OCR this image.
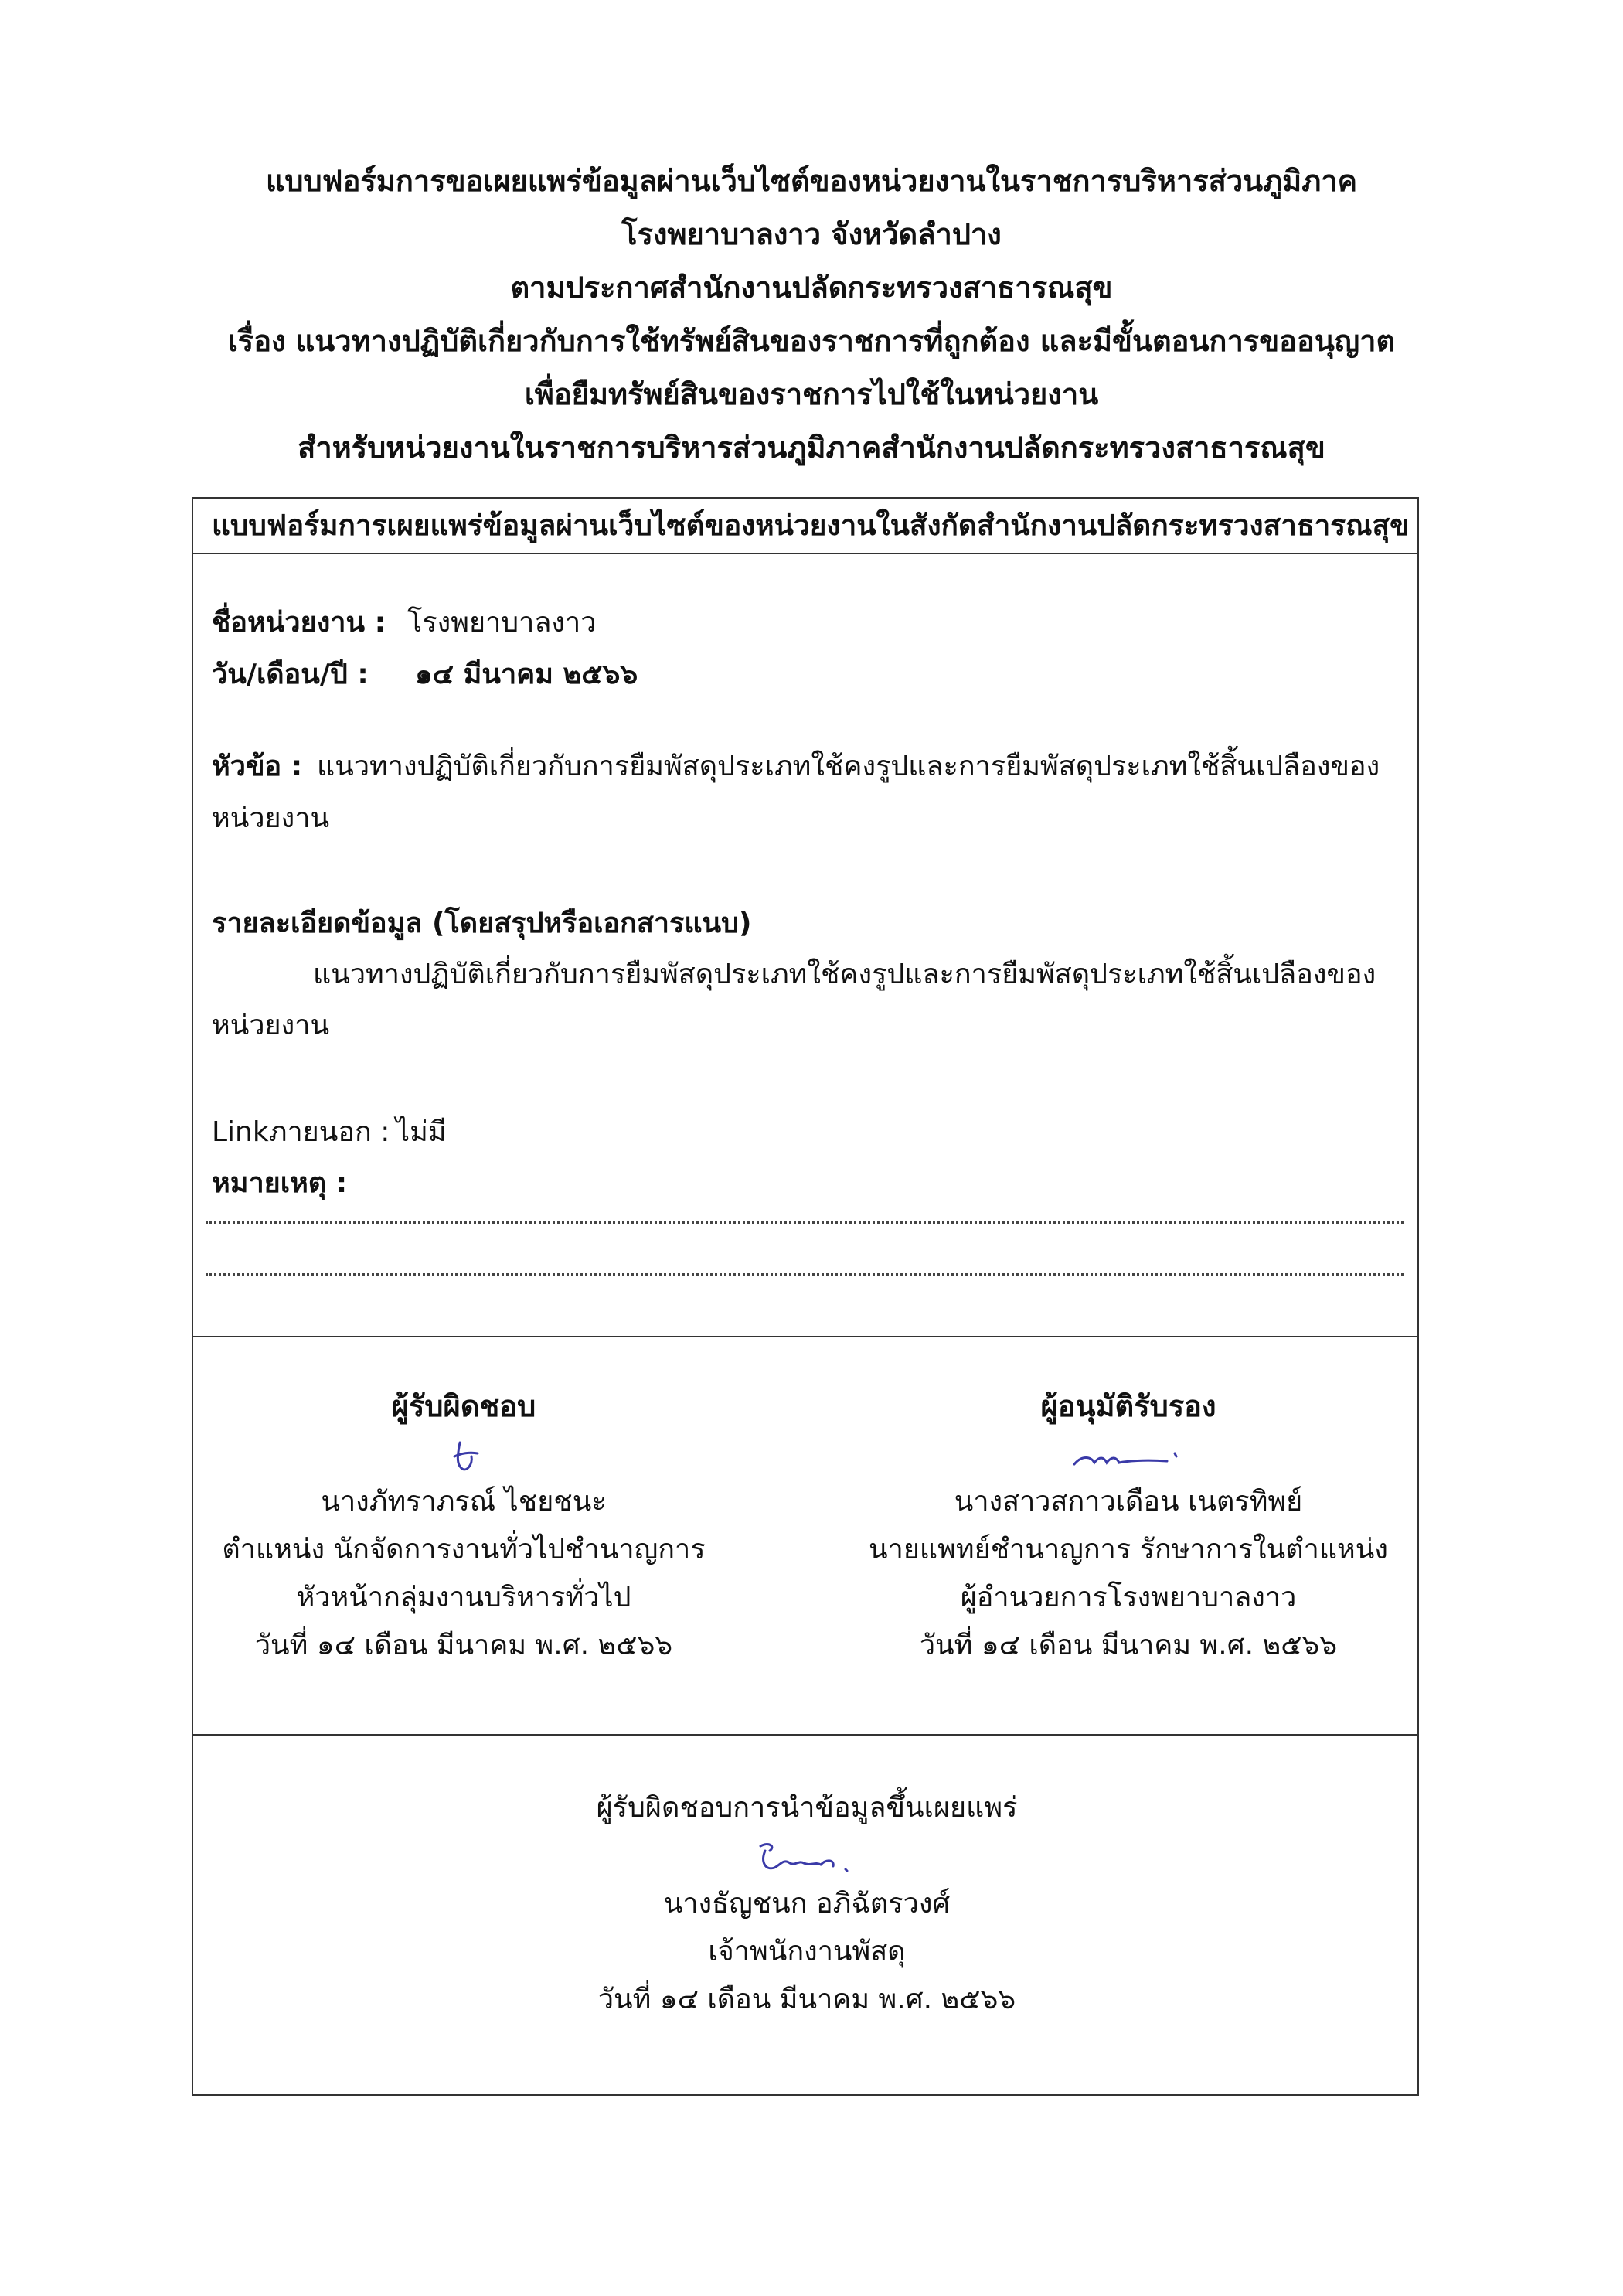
แบบฟอร์มการขอเผยแพร่ข้อมูลผ่านเว็บไซต์ของหน่วยงานในราชการบริหารส่วนภูมิภาค
โรงพยาบาลงาว จังหวัดลำปาง
ตามประกาศสำนักงานปลัดกระทรวงสาธารณสุข
เรื่อง แนวทางปฏิบัติเกี่ยวกับการใช้ทรัพย์สินของราชการที่ถูกต้อง และมีขั้นตอนการขออนุญาต
เพื่อยืมทรัพย์สินของราชการไปใช้ในหน่วยงาน
สำหรับหน่วยงานในราชการบริหารส่วนภูมิภาคสำนักงานปลัดกระทรวงสาธารณสุข
แบบฟอร์มการเผยแพร่ข้อมูลผ่านเว็บไซต์ของหน่วยงานในสังกัดสำนักงานปลัดกระทรวงสาธารณสุข
ชื่อหน่วยงาน : โรงพยาบาลงาว
วัน/เดือน/ปี : ๑๔ มีนาคม ๒๕๖๖
หัวข้อ : แนวทางปฏิบัติเกี่ยวกับการยืมพัสดุประเภทใช้คงรูปและการยืมพัสดุประเภทใช้สิ้นเปลืองของ
หน่วยงาน
รายละเอียดข้อมูล (โดยสรุปหรือเอกสารแนบ)
แนวทางปฏิบัติเกี่ยวกับการยืมพัสดุประเภทใช้คงรูปและการยืมพัสดุประเภทใช้สิ้นเปลืองของ
หน่วยงาน
Linkภายนอก : ไม่มี
หมายเหตุ :
ผู้รับผิดชอบ
นางภัทราภรณ์ ไชยชนะ
ตำแหน่ง นักจัดการงานทั่วไปชำนาญการ
หัวหน้ากลุ่มงานบริหารทั่วไป
วันที่ ๑๔ เดือน มีนาคม พ.ศ. ๒๕๖๖
ผู้อนุมัติรับรอง
นางสาวสกาวเดือน เนตรทิพย์
นายแพทย์ชำนาญการ รักษาการในตำแหน่ง
ผู้อำนวยการโรงพยาบาลงาว
วันที่ ๑๔ เดือน มีนาคม พ.ศ. ๒๕๖๖
ผู้รับผิดชอบการนำข้อมูลขึ้นเผยแพร่
นางธัญชนก อภิฉัตรวงศ์
เจ้าพนักงานพัสดุ
วันที่ ๑๔ เดือน มีนาคม พ.ศ. ๒๕๖๖
